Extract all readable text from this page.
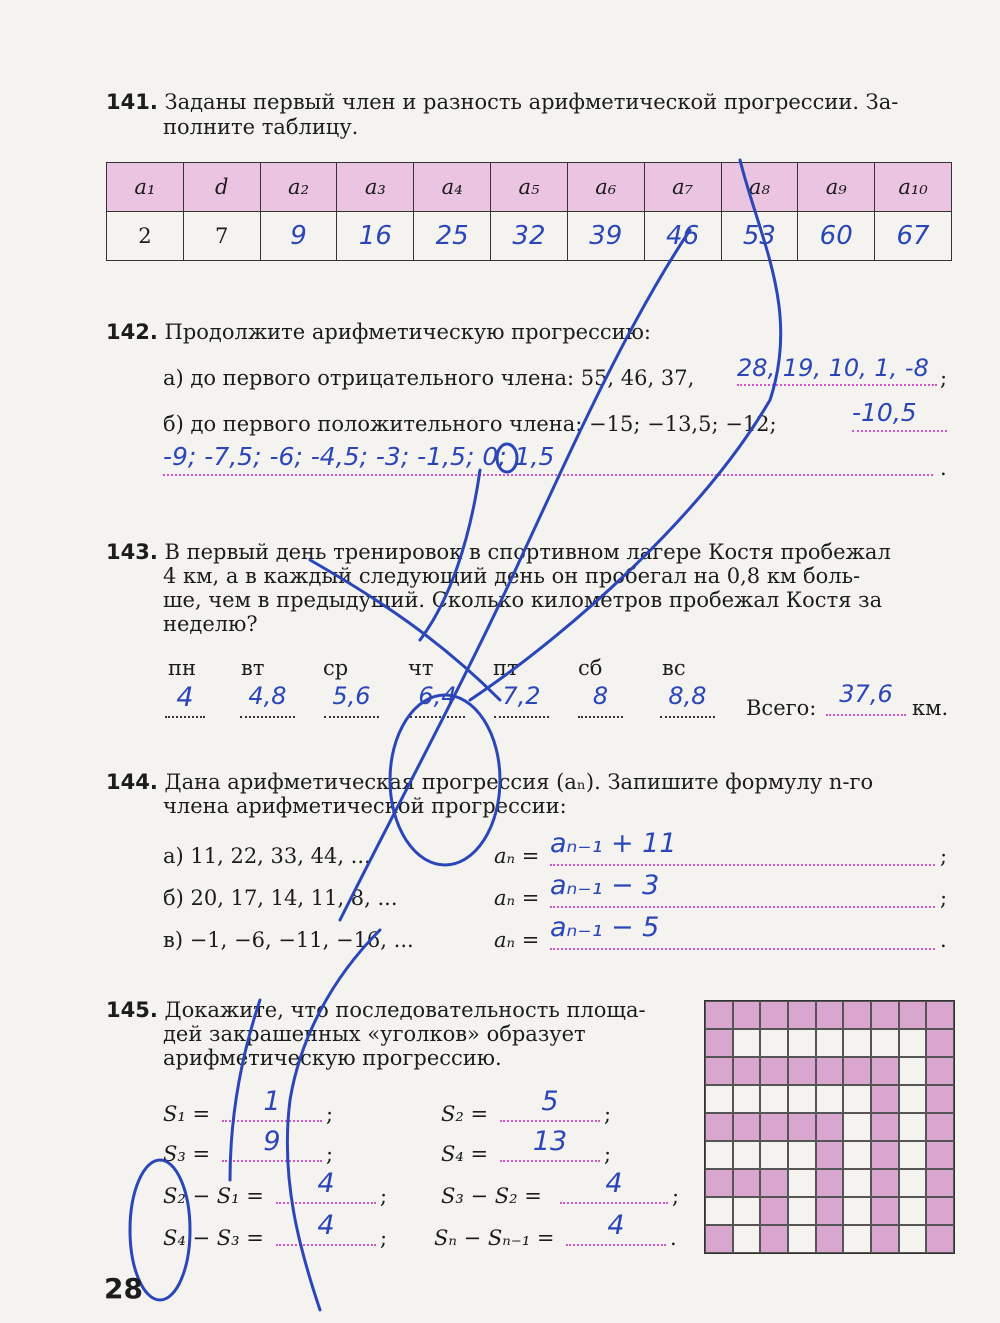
141. Заданы первый член и разность арифметической прогрессии. За-
полните таблицу.
a₁	d	a₂	a₃	a₄	a₅	a₆	a₇	a₈	a₉	a₁₀
2	7	9	16	25	32	39	46	53	60	67
142. Продолжите арифметическую прогрессию:
а) до первого отрицательного члена: 55, 46, 37, 28, 19, 10, 1, -8 ;
б) до первого положительного члена: −15; −13,5; −12;	-10,5
-9; -7,5; -6; -4,5; -3; -1,5; 0; 1,5	.
143. В первый день тренировок в спортивном лагере Костя пробежал
4 км, а в каждый следующий день он пробегал на 0,8 км боль-
ше, чем в предыдущий. Сколько километров пробежал Костя за
неделю?
пн вт	ср	чт	пт	сб	вс
4	4,8	5,6	6,4	7,2	8	8,8	Всего: 37,6 км.
144. Дана арифметическая прогрессия (aₙ). Запишите формулу n-го
члена арифметической прогрессии:
а) 11, 22, 33, 44, ...	aₙ = aₙ₋₁ + 11	;
б) 20, 17, 14, 11, 8, ...	aₙ = aₙ₋₁ − 3	;
в) −1, −6, −11, −16, ...	aₙ = aₙ₋₁ − 5	.
145. Докажите, что последовательность площа-
дей закрашенных «уголков» образует
арифметическую прогрессию.
S₁ =	1	;	S₂ =	5	;
S₃ =	9	;	S₄ =	13	;
S₂ − S₁ =	4	;	S₃ − S₂ =	4	;
S₄ − S₃ =	4	; Sₙ − Sₙ₋₁ =	4	.
28
